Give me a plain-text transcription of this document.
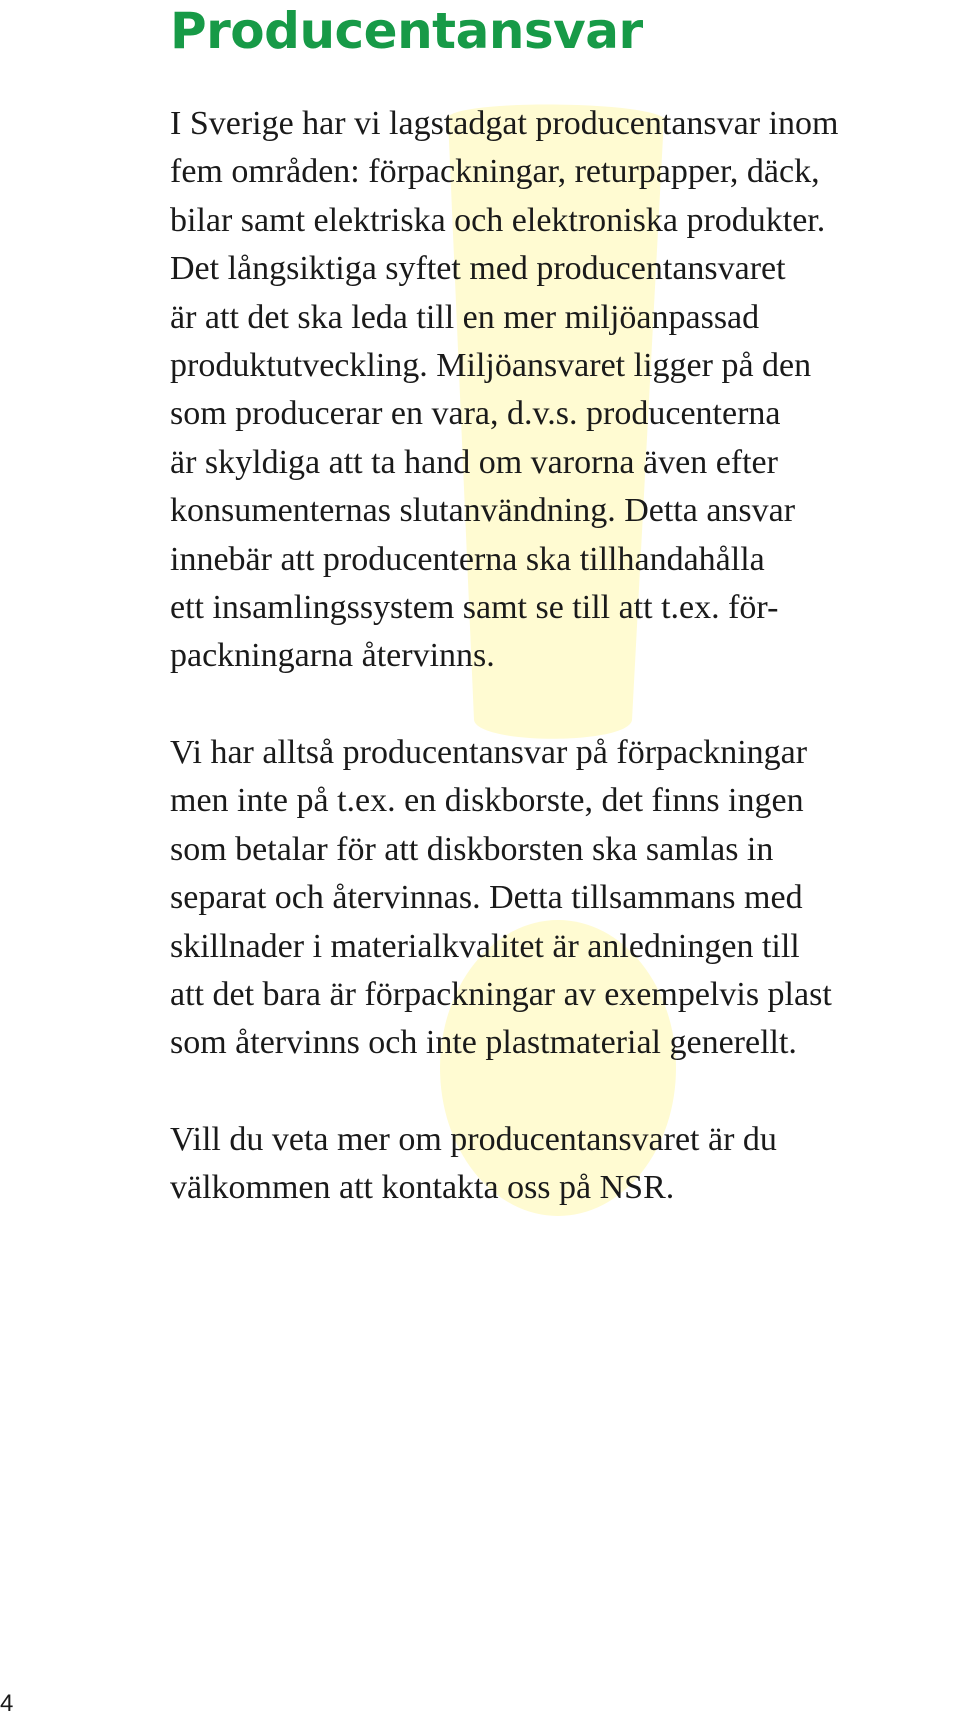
Producentansvar

I Sverige har vi lagstadgat producentansvar inom
fem områden: förpackningar, returpapper, däck,
bilar samt elektriska och elektroniska produkter.
Det långsiktiga syftet med producentansvaret
är att det ska leda till en mer miljöanpassad
produktutveckling. Miljöansvaret ligger på den
som producerar en vara, d.v.s. producenterna
är skyldiga att ta hand om varorna även efter
konsumenternas slutanvändning. Detta ansvar
innebär att producenterna ska tillhandahålla
ett insamlingssystem samt se till att t.ex. för-
packningarna återvinns.

Vi har alltså producentansvar på förpackningar
men inte på t.ex. en diskborste, det finns ingen
som betalar för att diskborsten ska samlas in
separat och återvinnas. Detta tillsammans med
skillnader i materialkvalitet är anledningen till
att det bara är förpackningar av exempelvis plast
som återvinns och inte plastmaterial generellt.

Vill du veta mer om producentansvaret är du
välkommen att kontakta oss på NSR.

4
